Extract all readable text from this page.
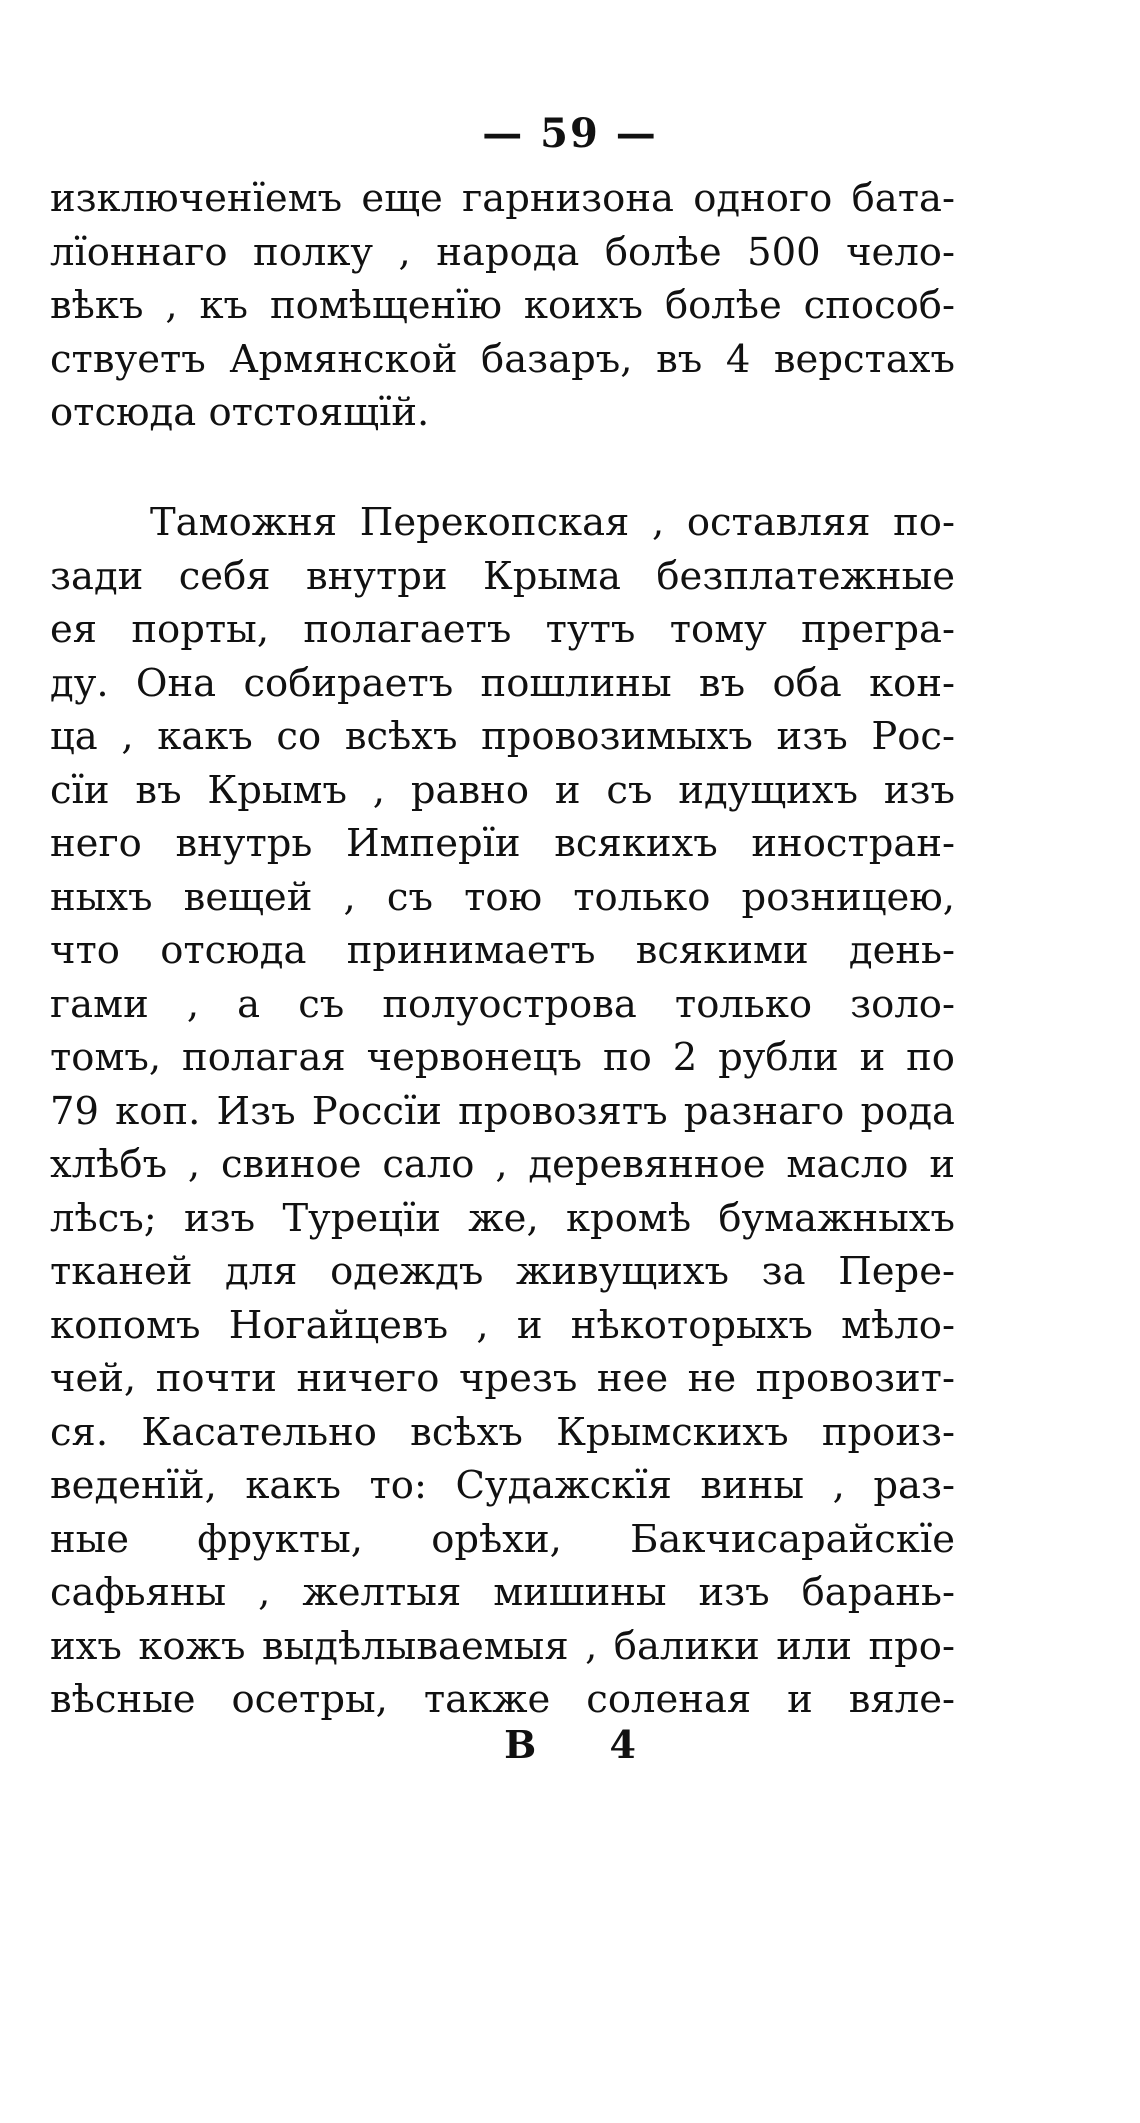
— 59 —
изключенïемъ еще гарнизона одного бата-
лïоннаго полку , народа болѣе 500 чело-
вѣкъ , къ помѣщенïю коихъ болѣе способ-
ствуетъ Армянской базаръ, въ 4 верстахъ
отсюда отстоящïй.
Таможня Перекопская , оставляя по-
зади себя внутри Крыма безплатежные
ея порты, полагаетъ тутъ тому прегра-
ду. Она собираетъ пошлины въ оба кон-
ца , какъ со всѣхъ провозимыхъ изъ Рос-
сïи въ Крымъ , равно и съ идущихъ изъ
него внутрь Имперïи всякихъ иностран-
ныхъ вещей , съ тою только розницею,
что отсюда принимаетъ всякими день-
гами , а съ полуострова только золо-
томъ, полагая червонецъ по 2 рубли и по
79 коп. Изъ Россïи провозятъ разнаго рода
хлѣбъ , свиное сало , деревянное масло и
лѣсъ; изъ Турецïи же, кромѣ бумажныхъ
тканей для одеждъ живущихъ за Пере-
копомъ Ногайцевъ , и нѣкоторыхъ мѣло-
чей, почти ничего чрезъ нее не провозит-
ся. Касательно всѣхъ Крымскихъ произ-
веденïй, какъ то: Судажскïя вины , раз-
ные фрукты, орѣхи, Бакчисарайскïе
сафьяны , желтыя мишины изъ барань-
ихъ кожъ выдѣлываемыя , балики или про-
вѣсные осетры, также соленая и вяле-
В 4
